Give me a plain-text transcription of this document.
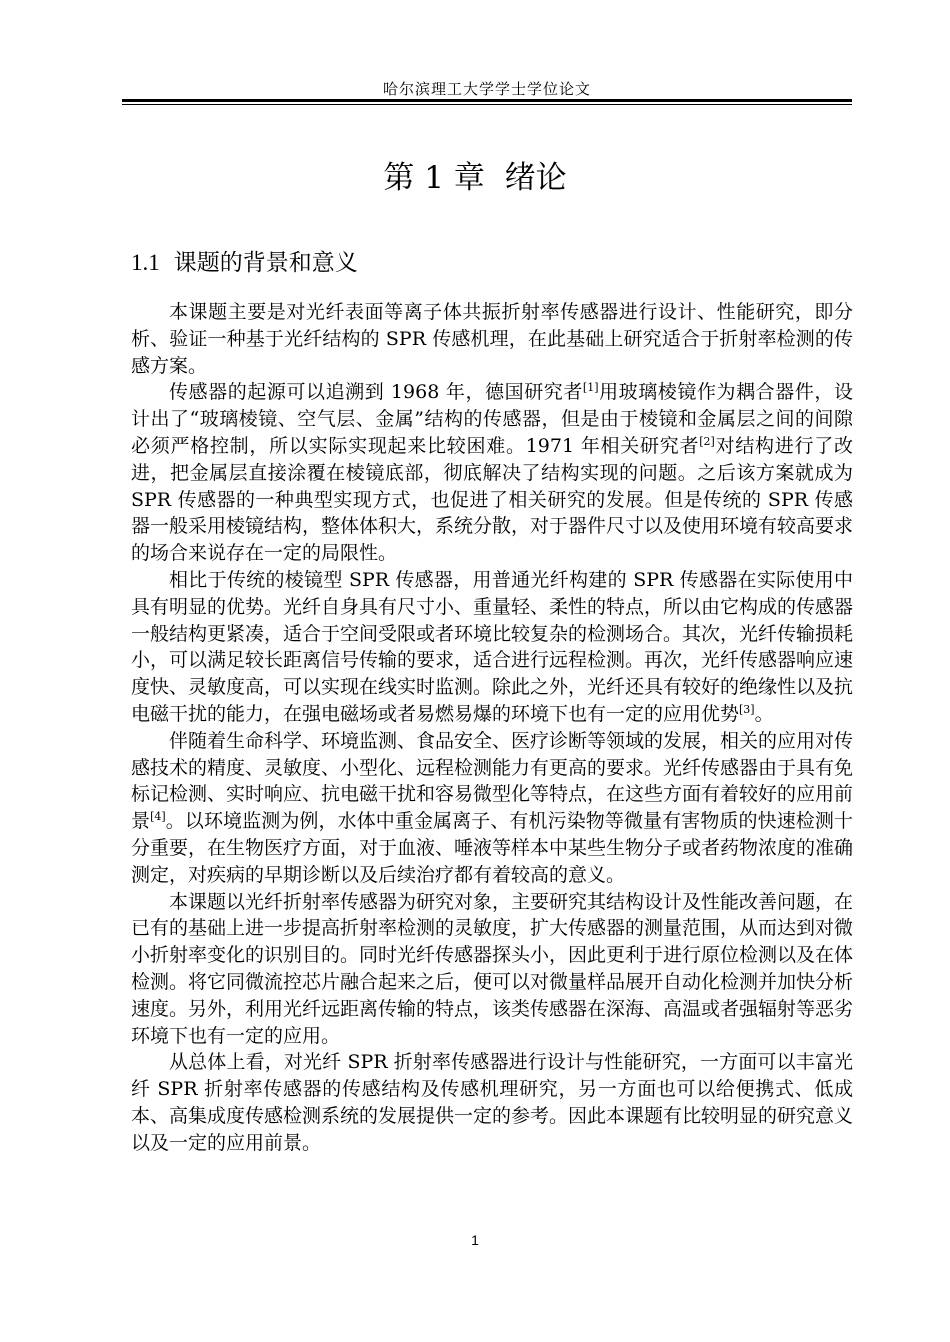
哈尔滨理工大学学士学位论文
第 1 章 绪论
1.1 课题的背景和意义

本课题主要是对光纤表面等离子体共振折射率传感器进行设计、性能研究，即分析、验证一种基于光纤结构的 SPR 传感机理，在此基础上研究适合于折射率检测的传感方案。

传感器的起源可以追溯到 1968 年，德国研究者[1]用玻璃棱镜作为耦合器件，设计出了“玻璃棱镜、空气层、金属”结构的传感器，但是由于棱镜和金属层之间的间隙必须严格控制，所以实际实现起来比较困难。1971 年相关研究者[2]对结构进行了改进，把金属层直接涂覆在棱镜底部，彻底解决了结构实现的问题。之后该方案就成为 SPR 传感器的一种典型实现方式，也促进了相关研究的发展。但是传统的 SPR 传感器一般采用棱镜结构，整体体积大，系统分散，对于器件尺寸以及使用环境有较高要求的场合来说存在一定的局限性。

相比于传统的棱镜型 SPR 传感器，用普通光纤构建的 SPR 传感器在实际使用中具有明显的优势。光纤自身具有尺寸小、重量轻、柔性的特点，所以由它构成的传感器一般结构更紧凑，适合于空间受限或者环境比较复杂的检测场合。其次，光纤传输损耗小，可以满足较长距离信号传输的要求，适合进行远程检测。再次，光纤传感器响应速度快、灵敏度高，可以实现在线实时监测。除此之外，光纤还具有较好的绝缘性以及抗电磁干扰的能力，在强电磁场或者易燃易爆的环境下也有一定的应用优势[3]。

伴随着生命科学、环境监测、食品安全、医疗诊断等领域的发展，相关的应用对传感技术的精度、灵敏度、小型化、远程检测能力有更高的要求。光纤传感器由于具有免标记检测、实时响应、抗电磁干扰和容易微型化等特点，在这些方面有着较好的应用前景[4]。以环境监测为例，水体中重金属离子、有机污染物等微量有害物质的快速检测十分重要，在生物医疗方面，对于血液、唾液等样本中某些生物分子或者药物浓度的准确测定，对疾病的早期诊断以及后续治疗都有着较高的意义。

本课题以光纤折射率传感器为研究对象，主要研究其结构设计及性能改善问题，在已有的基础上进一步提高折射率检测的灵敏度，扩大传感器的测量范围，从而达到对微小折射率变化的识别目的。同时光纤传感器探头小，因此更利于进行原位检测以及在体检测。将它同微流控芯片融合起来之后，便可以对微量样品展开自动化检测并加快分析速度。另外，利用光纤远距离传输的特点，该类传感器在深海、高温或者强辐射等恶劣环境下也有一定的应用。

从总体上看，对光纤 SPR 折射率传感器进行设计与性能研究，一方面可以丰富光纤 SPR 折射率传感器的传感结构及传感机理研究，另一方面也可以给便携式、低成本、高集成度传感检测系统的发展提供一定的参考。因此本课题有比较明显的研究意义以及一定的应用前景。

1
